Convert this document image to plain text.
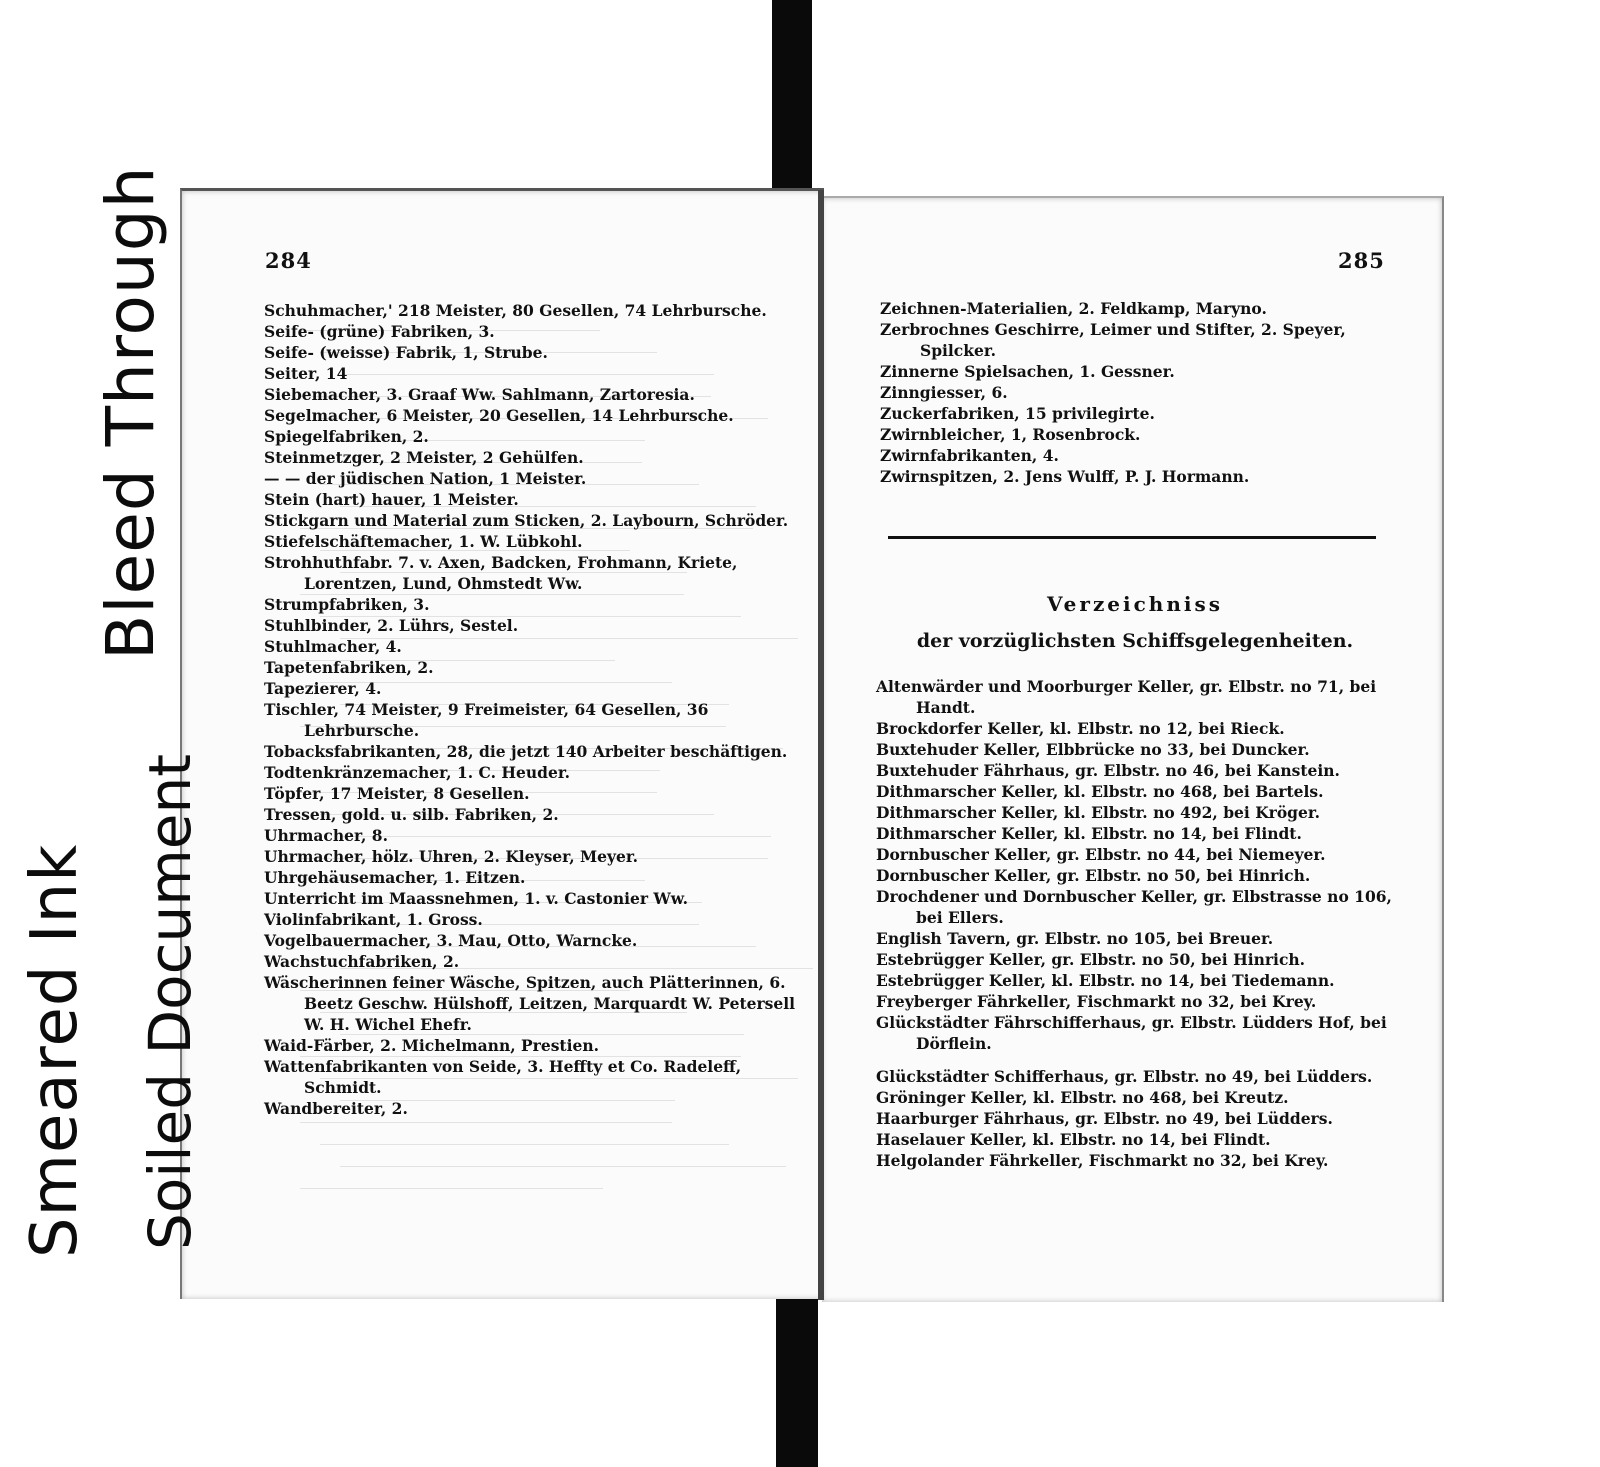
Smeared Ink Soiled Document
Bleed Through	284	285

Schuhmacher,' 218 Meister, 80 Gesellen, 74 Lehrbursche.

Seife- (grüne) Fabriken, 3.

Seife- (weisse) Fabrik, 1, Strube.

Seiter, 14

Siebemacher, 3. Graaf Ww. Sahlmann, Zartoresia.

Segelmacher, 6 Meister, 20 Gesellen, 14 Lehrbursche.

Spiegelfabriken, 2.

Steinmetzger, 2 Meister, 2 Gehülfen.

— — der jüdischen Nation, 1 Meister.

Stein (hart) hauer, 1 Meister.

Stickgarn und Material zum Sticken, 2. Laybourn, Schröder.

Stiefelschäftemacher, 1. W. Lübkohl.

Strohhuthfabr. 7. v. Axen, Badcken, Frohmann, Kriete, Lorentzen, Lund, Ohmstedt Ww.

Strumpfabriken, 3.

Stuhlbinder, 2. Lührs, Sestel.

Stuhlmacher, 4.

Tapetenfabriken, 2.

Tapezierer, 4.

Tischler, 74 Meister, 9 Freimeister, 64 Gesellen, 36 Lehrbursche.

Tobacksfabrikanten, 28, die jetzt 140 Arbeiter beschäftigen.

Todtenkränzemacher, 1. C. Heuder.

Töpfer, 17 Meister, 8 Gesellen.

Tressen, gold. u. silb. Fabriken, 2.

Uhrmacher, 8.

Uhrmacher, hölz. Uhren, 2. Kleyser, Meyer.

Uhrgehäusemacher, 1. Eitzen.

Unterricht im Maassnehmen, 1. v. Castonier Ww.

Violinfabrikant, 1. Gross.

Vogelbauermacher, 3. Mau, Otto, Warncke.

Wachstuchfabriken, 2.

Wäscherinnen feiner Wäsche, Spitzen, auch Plätterinnen, 6. Beetz Geschw. Hülshoff, Leitzen, Marquardt W. Petersell W. H. Wichel Ehefr.

Waid-Färber, 2. Michelmann, Prestien.

Wattenfabrikanten von Seide, 3. Heffty et Co. Radeleff, Schmidt.

Wandbereiter, 2.

Zeichnen-Materialien, 2. Feldkamp, Maryno.

Zerbrochnes Geschirre, Leimer und Stifter, 2. Speyer, Spilcker.

Zinnerne Spielsachen, 1. Gessner.

Zinngiesser, 6.

Zuckerfabriken, 15 privilegirte.

Zwirnbleicher, 1, Rosenbrock.

Zwirnfabrikanten, 4.

Zwirnspitzen, 2. Jens Wulff, P. J. Hormann.

Verzeichniss
der vorzüglichsten Schiffsgelegenheiten.

Altenwärder und Moorburger Keller, gr. Elbstr. no 71, bei Handt.

Brockdorfer Keller, kl. Elbstr. no 12, bei Rieck.

Buxtehuder Keller, Elbbrücke no 33, bei Duncker.

Buxtehuder Fährhaus, gr. Elbstr. no 46, bei Kanstein.

Dithmarscher Keller, kl. Elbstr. no 468, bei Bartels.

Dithmarscher Keller, kl. Elbstr. no 492, bei Kröger.

Dithmarscher Keller, kl. Elbstr. no 14, bei Flindt.

Dornbuscher Keller, gr. Elbstr. no 44, bei Niemeyer.

Dornbuscher Keller, gr. Elbstr. no 50, bei Hinrich.

Drochdener und Dornbuscher Keller, gr. Elbstrasse no 106, bei Ellers.

English Tavern, gr. Elbstr. no 105, bei Breuer.

Estebrügger Keller, gr. Elbstr. no 50, bei Hinrich.

Estebrügger Keller, kl. Elbstr. no 14, bei Tiedemann.

Freyberger Fährkeller, Fischmarkt no 32, bei Krey.

Glückstädter Fährschifferhaus, gr. Elbstr. Lüdders Hof, bei Dörflein.

Glückstädter Schifferhaus, gr. Elbstr. no 49, bei Lüdders.

Gröninger Keller, kl. Elbstr. no 468, bei Kreutz.

Haarburger Fährhaus, gr. Elbstr. no 49, bei Lüdders.

Haselauer Keller, kl. Elbstr. no 14, bei Flindt.

Helgolander Fährkeller, Fischmarkt no 32, bei Krey.
